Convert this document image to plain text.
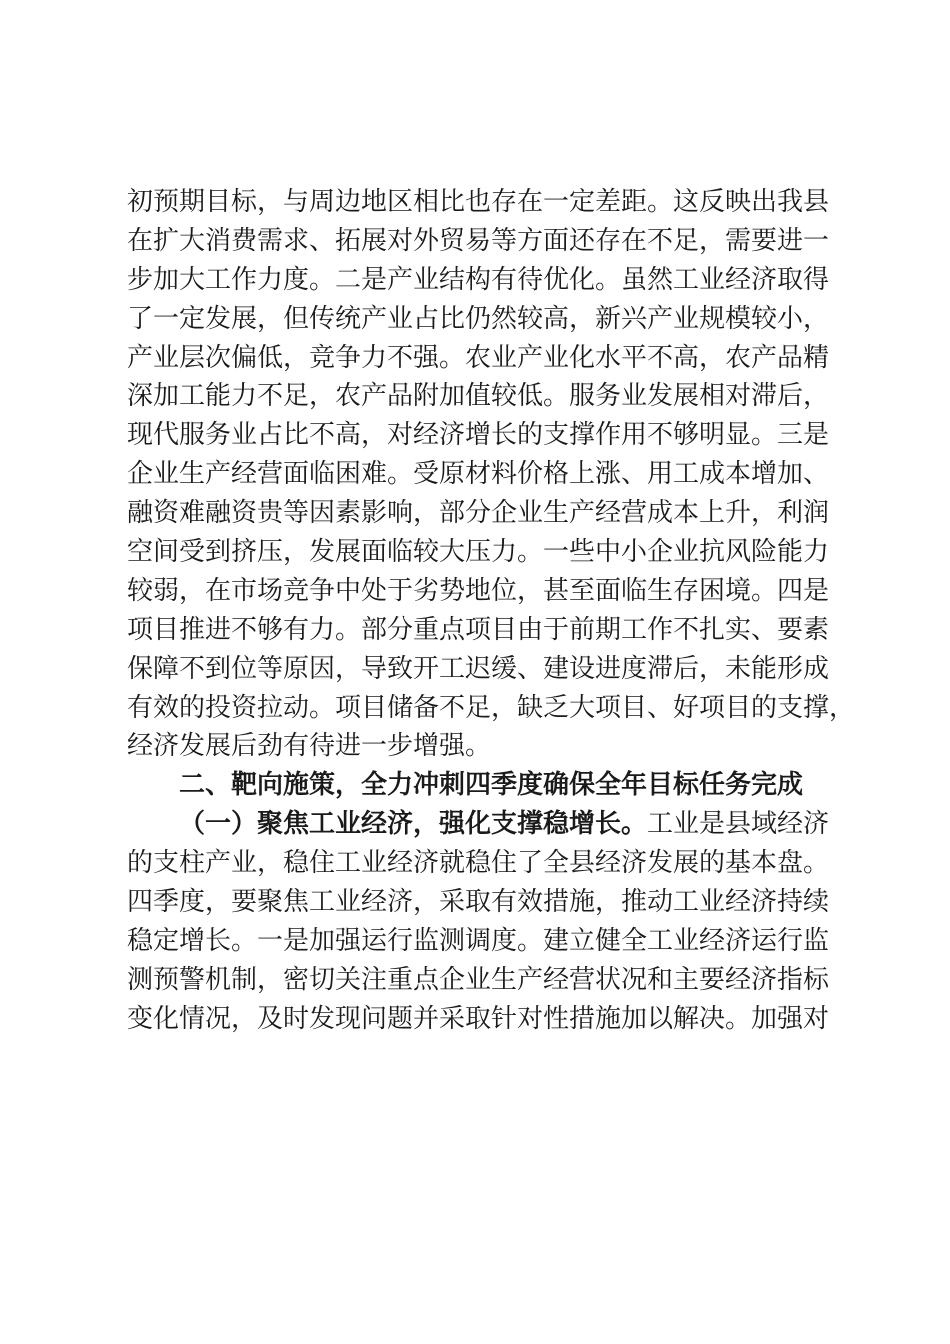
初预期目标，与周边地区相比也存在一定差距。这反映出我县
在扩大消费需求、拓展对外贸易等方面还存在不足，需要进一
步加大工作力度。二是产业结构有待优化。虽然工业经济取得
了一定发展，但传统产业占比仍然较高，新兴产业规模较小，
产业层次偏低，竞争力不强。农业产业化水平不高，农产品精
深加工能力不足，农产品附加值较低。服务业发展相对滞后，
现代服务业占比不高，对经济增长的支撑作用不够明显。三是
企业生产经营面临困难。受原材料价格上涨、用工成本增加、
融资难融资贵等因素影响，部分企业生产经营成本上升，利润
空间受到挤压，发展面临较大压力。一些中小企业抗风险能力
较弱，在市场竞争中处于劣势地位，甚至面临生存困境。四是
项目推进不够有力。部分重点项目由于前期工作不扎实、要素
保障不到位等原因，导致开工迟缓、建设进度滞后，未能形成
有效的投资拉动。项目储备不足，缺乏大项目、好项目的支撑，
经济发展后劲有待进一步增强。
二、靶向施策，全力冲刺四季度确保全年目标任务完成
（一）聚焦工业经济，强化支撑稳增长。工业是县域经济
的支柱产业，稳住工业经济就稳住了全县经济发展的基本盘。
四季度，要聚焦工业经济，采取有效措施，推动工业经济持续
稳定增长。一是加强运行监测调度。建立健全工业经济运行监
测预警机制，密切关注重点企业生产经营状况和主要经济指标
变化情况，及时发现问题并采取针对性措施加以解决。加强对
